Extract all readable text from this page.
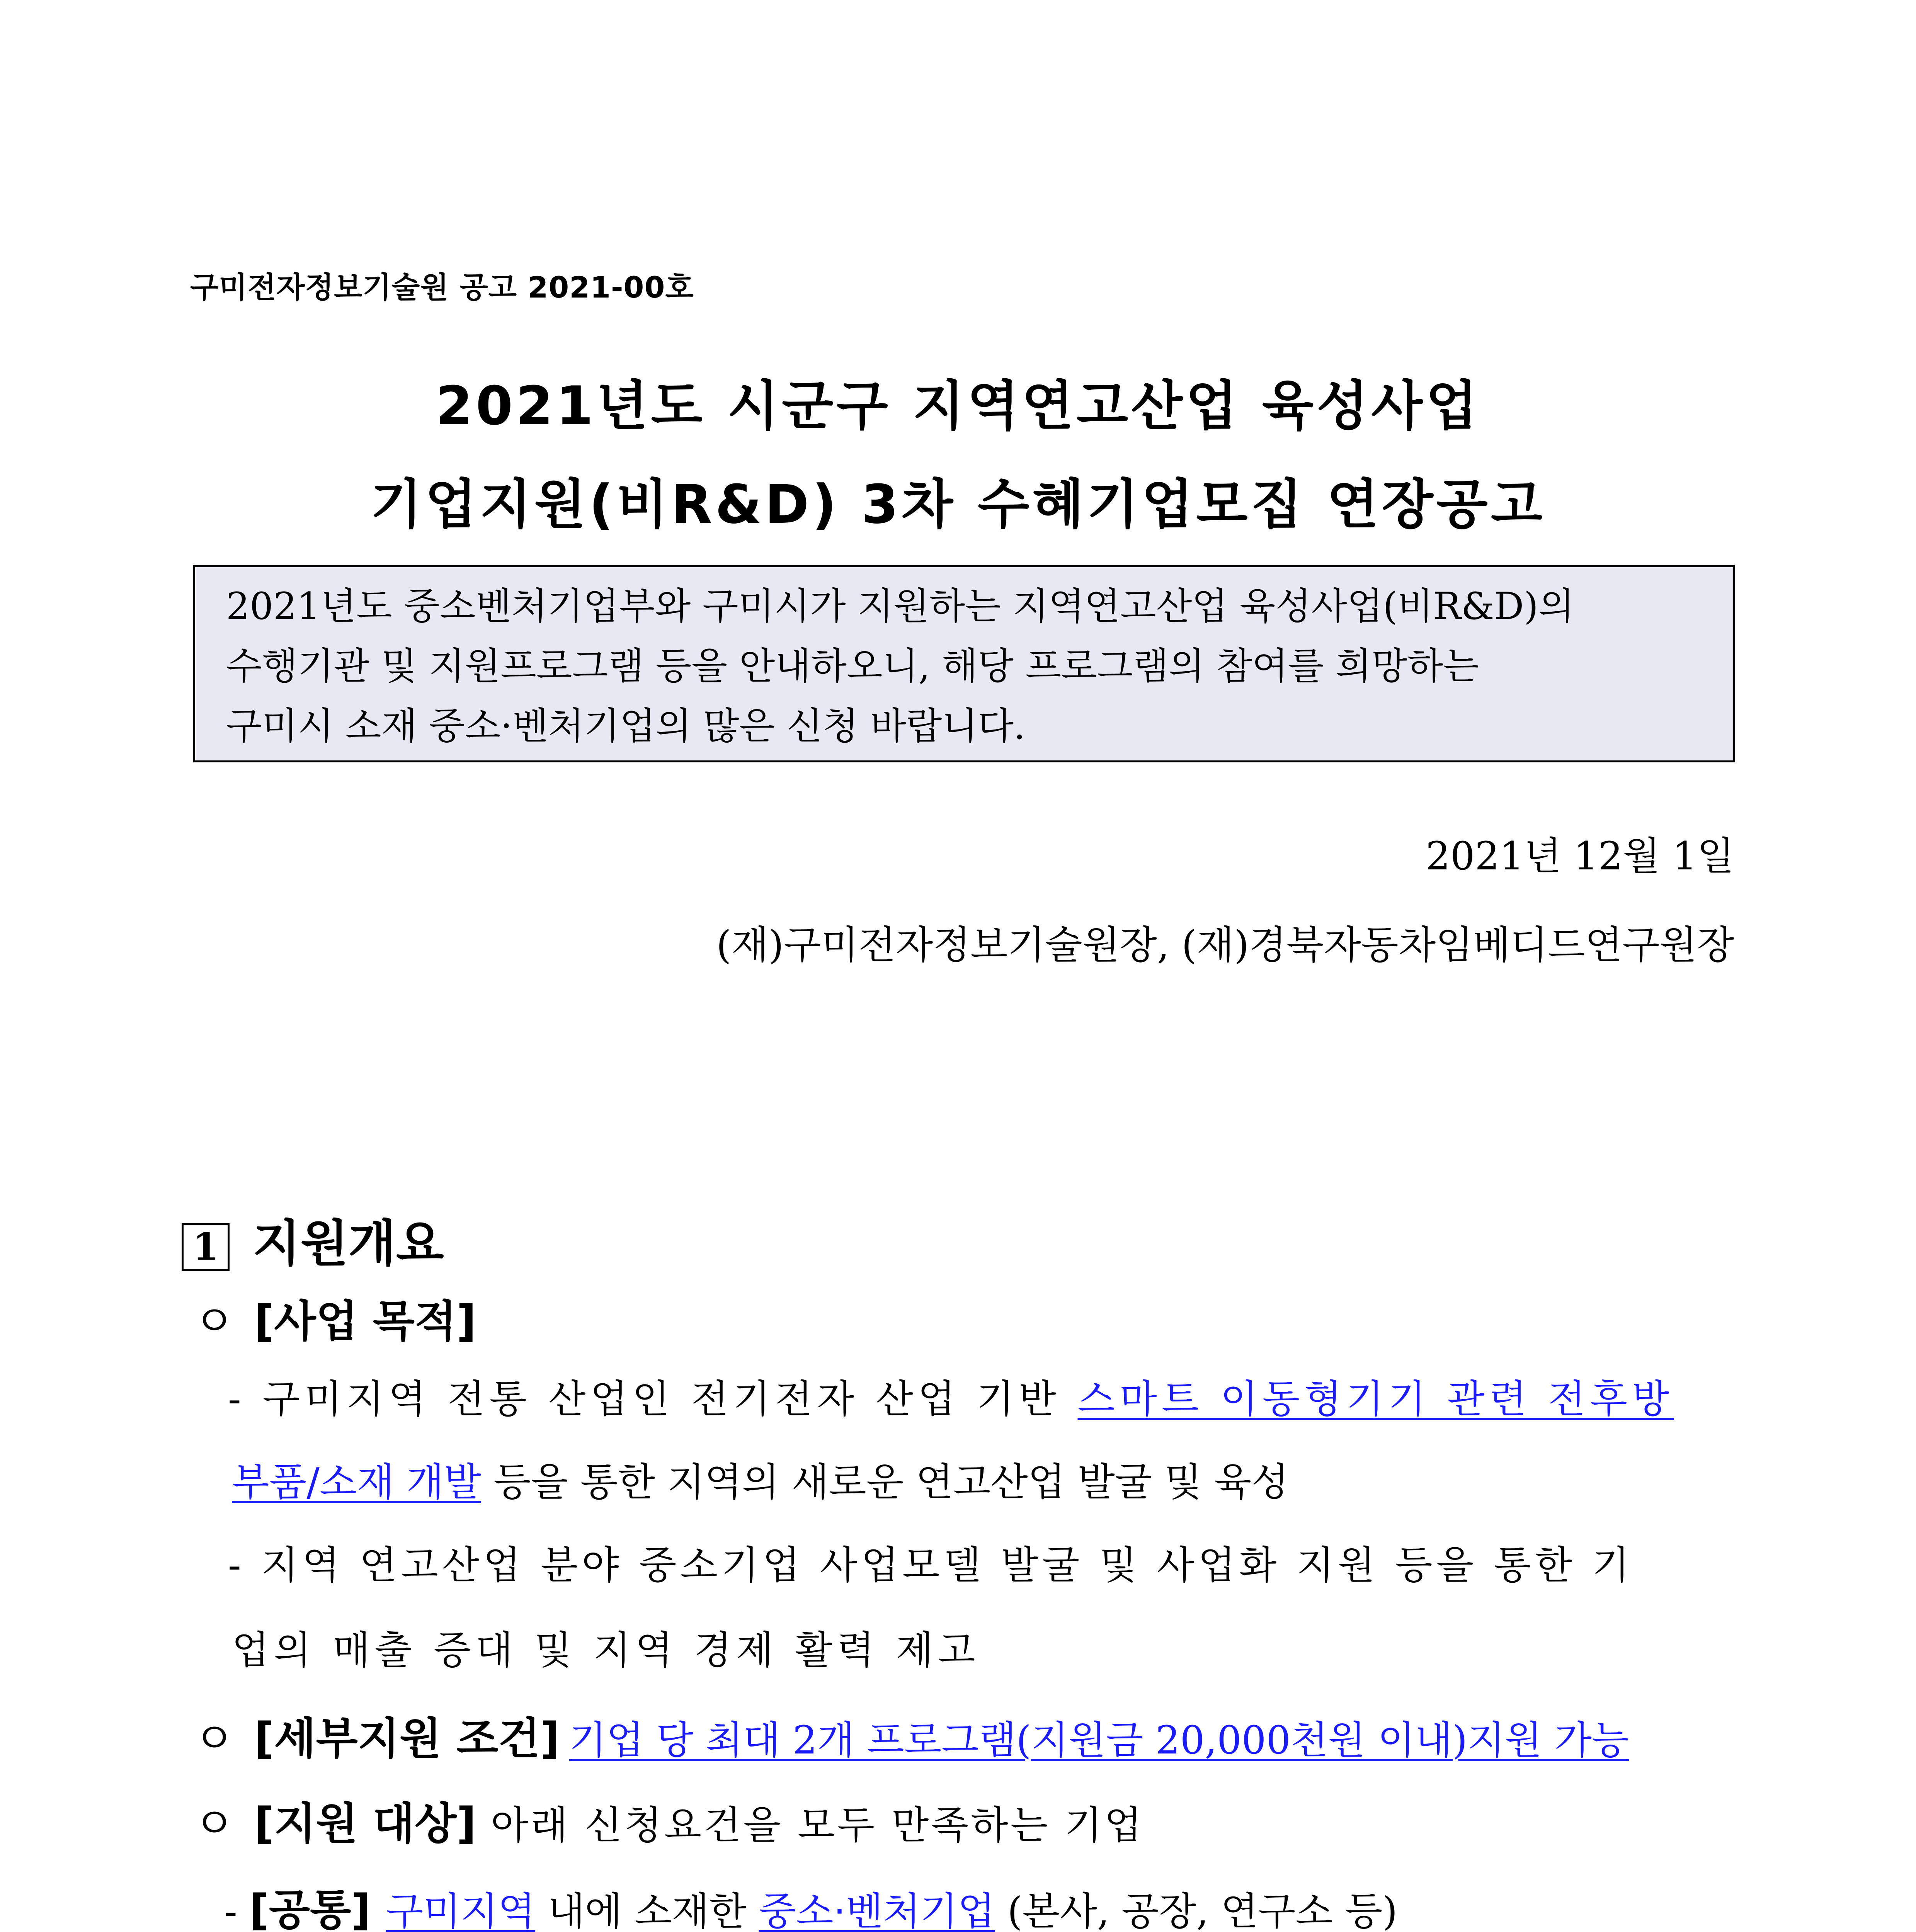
구미전자정보기술원 공고 2021-00호
2021년도 시군구 지역연고산업 육성사업
기업지원(비R&D) 3차 수혜기업모집 연장공고
2021년도 중소벤처기업부와 구미시가 지원하는 지역연고산업 육성사업(비R&D)의
수행기관 및 지원프로그램 등을 안내하오니, 해당 프로그램의 참여를 희망하는
구미시 소재 중소·벤처기업의 많은 신청 바랍니다.
2021년 12월 1일
(재)구미전자정보기술원장, (재)경북자동차임베디드연구원장
1 지원개요
ㅇ [사업 목적]
- 구미지역 전통 산업인 전기전자 산업 기반 스마트 이동형기기 관련 전후방
부품/소재 개발 등을 통한 지역의 새로운 연고산업 발굴 및 육성
- 지역 연고산업 분야 중소기업 사업모델 발굴 및 사업화 지원 등을 통한 기
업의 매출 증대 및 지역 경제 활력 제고
ㅇ [세부지원 조건] 기업 당 최대 2개 프로그램(지원금 20,000천원 이내)지원 가능
ㅇ [지원 대상] 아래 신청요건을 모두 만족하는 기업
- [공통] 구미지역 내에 소재한 중소·벤처기업 (본사, 공장, 연구소 등)
